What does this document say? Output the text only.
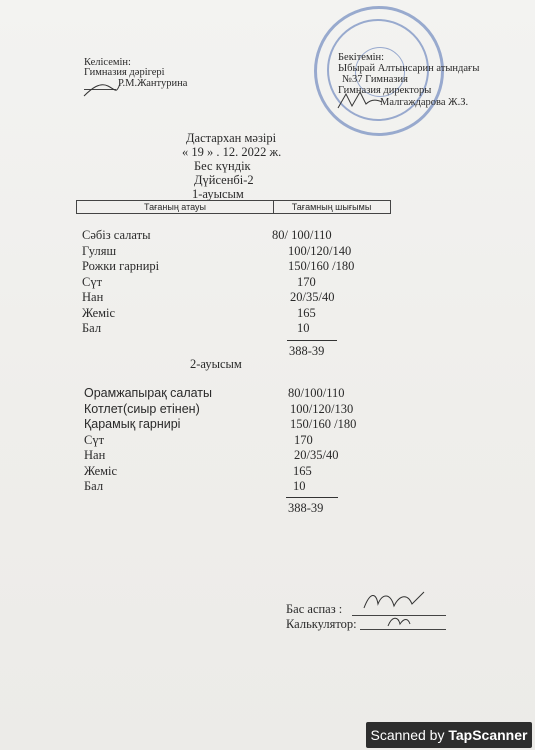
Келісемін:
Гимназия дәрігері
Р.М.Жантурина
Бекітемін:
Ыбырай Алтынсарин атындағы
№37 Гимназия
Гимназия директоры
Малгаждарова Ж.З.
Дастархан мәзірі
« 19 » . 12. 2022 ж.
Бес күндік
Дүйсенбі-2
1-ауысым
Тағаның атауы	Тағамның шығымы
Сәбіз салаты	80/ 100/110
Гуляш	100/120/140
Рожки гарнирі	150/160 /180
Сүт	170
Нан	20/35/40
Жеміс	165
Бал	10
388-39
2-ауысым
Орамжапырақ салаты	80/100/110
Котлет(сиыр етінен)	100/120/130
Қарамық гарнирі	150/160 /180
Сүт	170
Нан	20/35/40
Жеміс	165
Бал	10
388-39
Бас аспаз :
Калькулятор:
Scanned by TapScanner
